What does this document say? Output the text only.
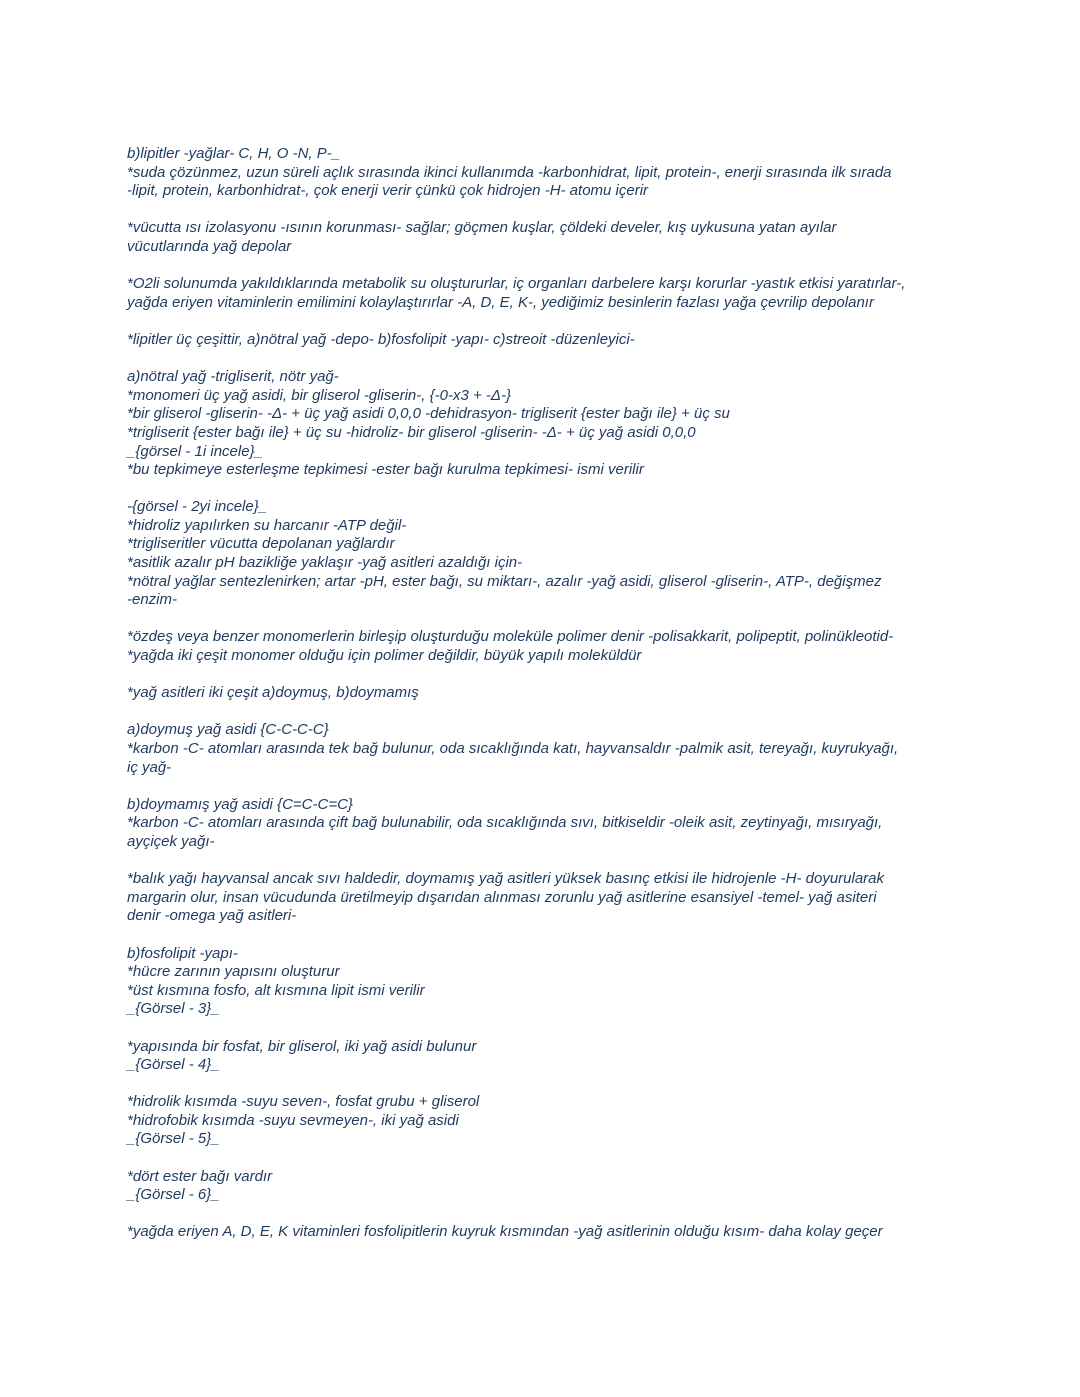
b)lipitler -yağlar- C, H, O -N, P-_
*suda çözünmez, uzun süreli açlık sırasında ikinci kullanımda -karbonhidrat, lipit, protein-, enerji sırasında ilk sırada
-lipit, protein, karbonhidrat-, çok enerji verir çünkü çok hidrojen -H- atomu içerir
*vücutta ısı izolasyonu -ısının korunması- sağlar; göçmen kuşlar, çöldeki develer, kış uykusuna yatan ayılar
vücutlarında yağ depolar
*O2li solunumda yakıldıklarında metabolik su oluştururlar, iç organları darbelere karşı korurlar -yastık etkisi yaratırlar-,
yağda eriyen vitaminlerin emilimini kolaylaştırırlar -A, D, E, K-, yediğimiz besinlerin fazlası yağa çevrilip depolanır
*lipitler üç çeşittir, a)nötral yağ -depo- b)fosfolipit -yapı- c)streoit -düzenleyici-
a)nötral yağ -trigliserit, nötr yağ-
*monomeri üç yağ asidi, bir gliserol -gliserin-, {-0-x3 + -Δ-}
*bir gliserol -gliserin- -Δ- + üç yağ asidi 0,0,0 -dehidrasyon- trigliserit {ester bağı ile} + üç su
*trigliserit {ester bağı ile} + üç su -hidroliz- bir gliserol -gliserin- -Δ- + üç yağ asidi 0,0,0
_{görsel - 1i incele}_
*bu tepkimeye esterleşme tepkimesi -ester bağı kurulma tepkimesi- ismi verilir
-{görsel - 2yi incele}_
*hidroliz yapılırken su harcanır -ATP değil-
*trigliseritler vücutta depolanan yağlardır
*asitlik azalır pH bazikliğe yaklaşır -yağ asitleri azaldığı için-
*nötral yağlar sentezlenirken; artar -pH, ester bağı, su miktarı-, azalır -yağ asidi, gliserol -gliserin-, ATP-, değişmez
-enzim-
*özdeş veya benzer monomerlerin birleşip oluşturduğu moleküle polimer denir -polisakkarit, polipeptit, polinükleotid-
*yağda iki çeşit monomer olduğu için polimer değildir, büyük yapılı moleküldür
*yağ asitleri iki çeşit a)doymuş, b)doymamış
a)doymuş yağ asidi {C-C-C-C}
*karbon -C- atomları arasında tek bağ bulunur, oda sıcaklığında katı, hayvansaldır -palmik asit, tereyağı, kuyrukyağı,
iç yağ-
b)doymamış yağ asidi {C=C-C=C}
*karbon -C- atomları arasında çift bağ bulunabilir, oda sıcaklığında sıvı, bitkiseldir -oleik asit, zeytinyağı, mısıryağı,
ayçiçek yağı-
*balık yağı hayvansal ancak sıvı haldedir, doymamış yağ asitleri yüksek basınç etkisi ile hidrojenle -H- doyurularak
margarin olur, insan vücudunda üretilmeyip dışarıdan alınması zorunlu yağ asitlerine esansiyel -temel- yağ asiteri
denir -omega yağ asitleri-
b)fosfolipit -yapı-
*hücre zarının yapısını oluşturur
*üst kısmına fosfo, alt kısmına lipit ismi verilir
_{Görsel - 3}_
*yapısında bir fosfat, bir gliserol, iki yağ asidi bulunur
_{Görsel - 4}_
*hidrolik kısımda -suyu seven-, fosfat grubu + gliserol
*hidrofobik kısımda -suyu sevmeyen-, iki yağ asidi
_{Görsel - 5}_
*dört ester bağı vardır
_{Görsel - 6}_
*yağda eriyen A, D, E, K vitaminleri fosfolipitlerin kuyruk kısmından -yağ asitlerinin olduğu kısım- daha kolay geçer
